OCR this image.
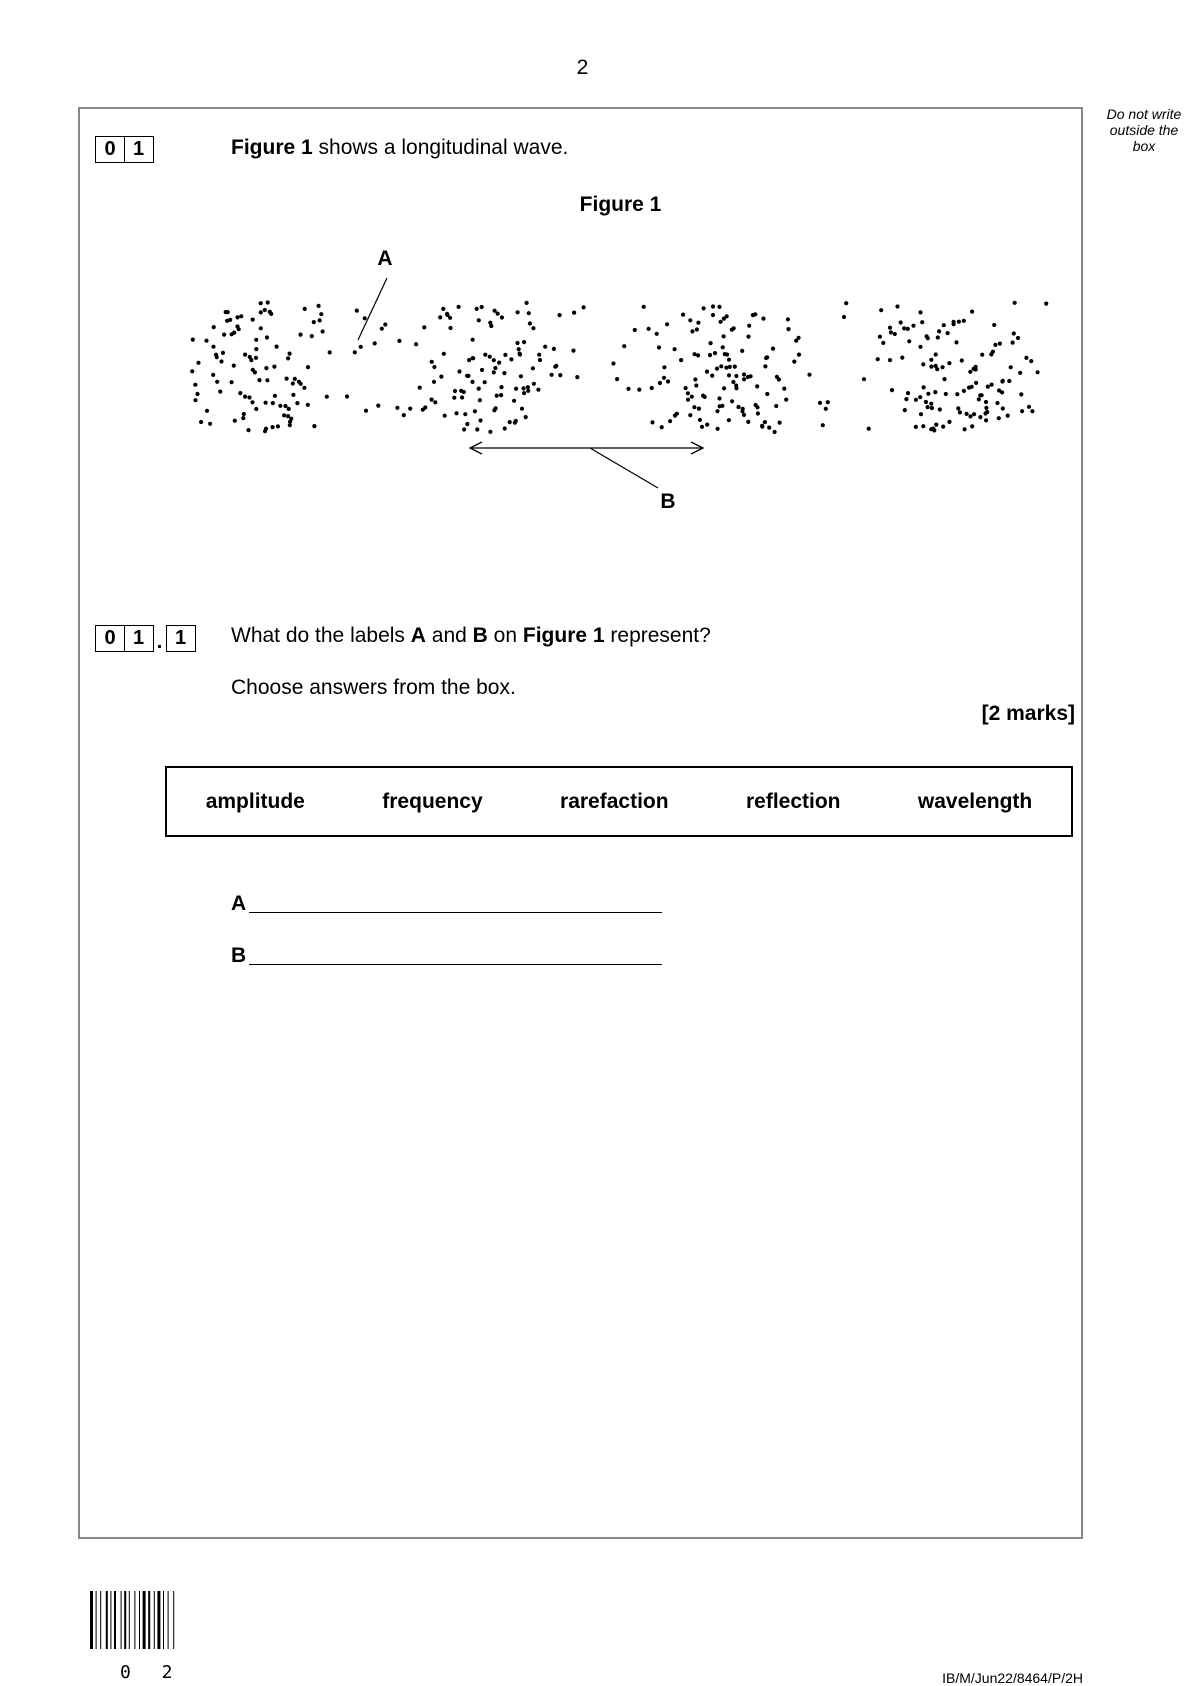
2
Do not write outside the box
0 1	Figure 1 shows a longitudinal wave.
Figure 1
A
B
0 1 . 1	What do the labels A and B on Figure 1 represent?
Choose answers from the box.
[2 marks]
amplitude	frequency	rarefaction	reflection	wavelength
A
B
0 2	IB/M/Jun22/8464/P/2H
